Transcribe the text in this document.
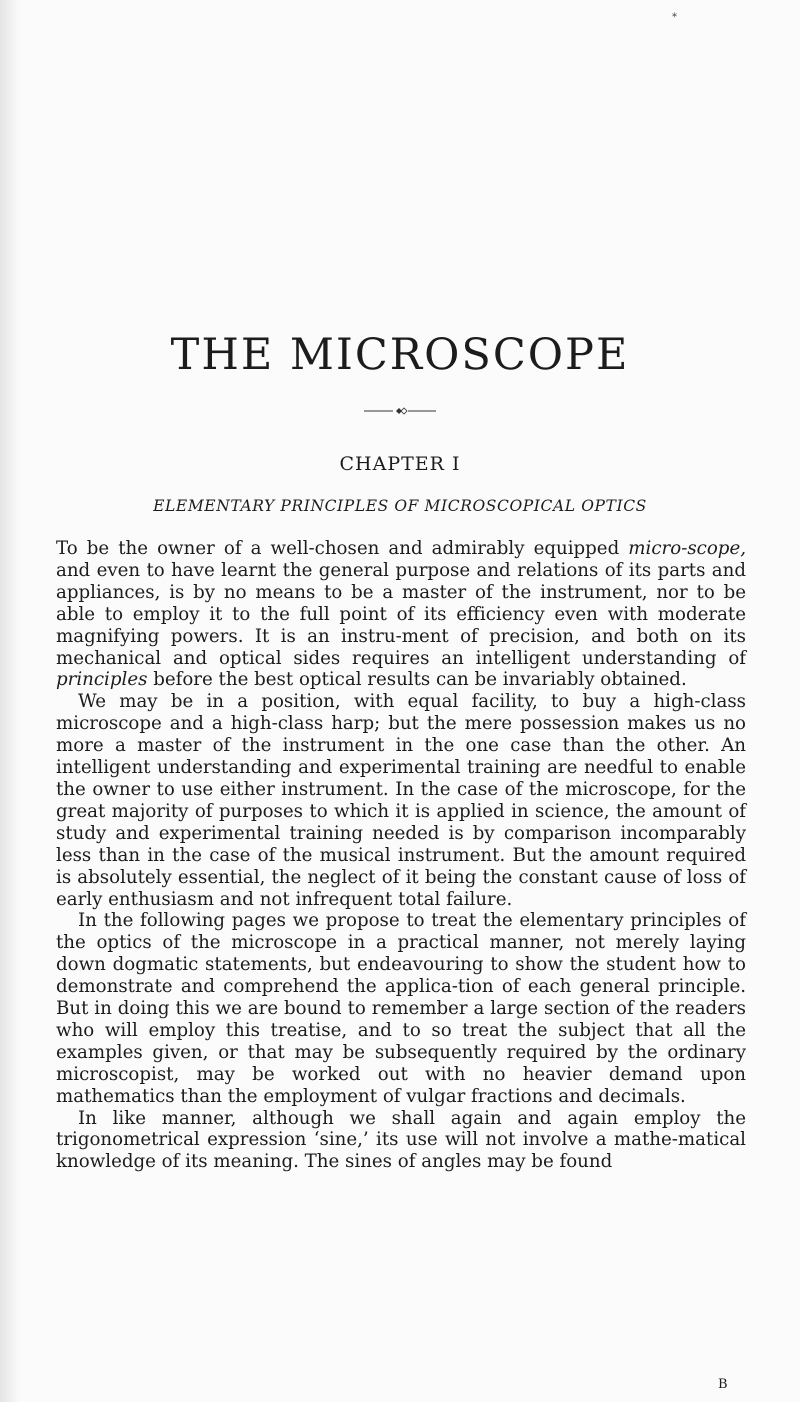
*
THE MICROSCOPE
CHAPTER I
ELEMENTARY PRINCIPLES OF MICROSCOPICAL OPTICS

To be the owner of a well-chosen and admirably equipped micro-scope, and even to have learnt the general purpose and relations of its parts and appliances, is by no means to be a master of the instrument, nor to be able to employ it to the full point of its efficiency even with moderate magnifying powers. It is an instru-ment of precision, and both on its mechanical and optical sides requires an intelligent understanding of principles before the best optical results can be invariably obtained.

We may be in a position, with equal facility, to buy a high-class microscope and a high-class harp; but the mere possession makes us no more a master of the instrument in the one case than the other. An intelligent understanding and experimental training are needful to enable the owner to use either instrument. In the case of the microscope, for the great majority of purposes to which it is applied in science, the amount of study and experimental training needed is by comparison incomparably less than in the case of the musical instrument. But the amount required is absolutely essential, the neglect of it being the constant cause of loss of early enthusiasm and not infrequent total failure.

In the following pages we propose to treat the elementary principles of the optics of the microscope in a practical manner, not merely laying down dogmatic statements, but endeavouring to show the student how to demonstrate and comprehend the applica-tion of each general principle. But in doing this we are bound to remember a large section of the readers who will employ this treatise, and to so treat the subject that all the examples given, or that may be subsequently required by the ordinary microscopist, may be worked out with no heavier demand upon mathematics than the employment of vulgar fractions and decimals.

In like manner, although we shall again and again employ the trigonometrical expression ‘sine,’ its use will not involve a mathe-matical knowledge of its meaning. The sines of angles may be found

B
